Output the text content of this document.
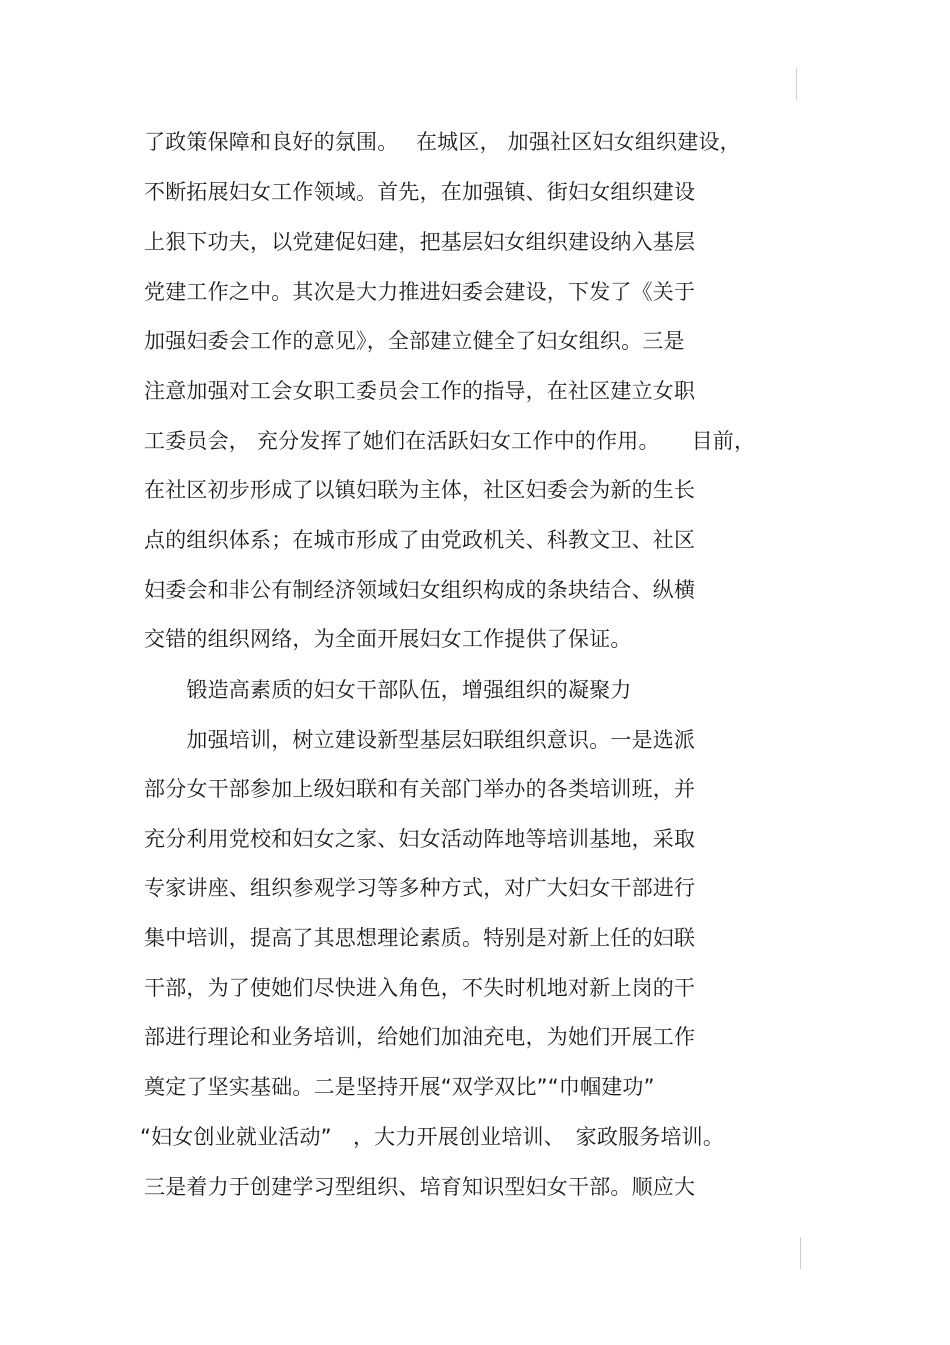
了政策保障和良好的氛围。　 在城区， 加强社区妇女组织建设，
不断拓展妇女工作领域。首先，在加强镇、街妇女组织建设
上狠下功夫，以党建促妇建，把基层妇女组织建设纳入基层
党建工作之中。其次是大力推进妇委会建设，下发了《关于
加强妇委会工作的意见》，全部建立健全了妇女组织。三是
注意加强对工会女职工委员会工作的指导，在社区建立女职
工委员会， 充分发挥了她们在活跃妇女工作中的作用。　　目前，
在社区初步形成了以镇妇联为主体，社区妇委会为新的生长
点的组织体系；在城市形成了由党政机关、科教文卫、社区
妇委会和非公有制经济领域妇女组织构成的条块结合、纵横
交错的组织网络，为全面开展妇女工作提供了保证。
　　锻造高素质的妇女干部队伍，增强组织的凝聚力
　　加强培训，树立建设新型基层妇联组织意识。一是选派
部分女干部参加上级妇联和有关部门举办的各类培训班，并
充分利用党校和妇女之家、妇女活动阵地等培训基地，采取
专家讲座、组织参观学习等多种方式，对广大妇女干部进行
集中培训，提高了其思想理论素质。特别是对新上任的妇联
干部，为了使她们尽快进入角色，不失时机地对新上岗的干
部进行理论和业务培训，给她们加油充电，为她们开展工作
奠定了坚实基础。二是坚持开展“双学双比”“巾帼建功”
“妇女创业就业活动”　，大力开展创业培训、　家政服务培训。
三是着力于创建学习型组织、培育知识型妇女干部。顺应大
